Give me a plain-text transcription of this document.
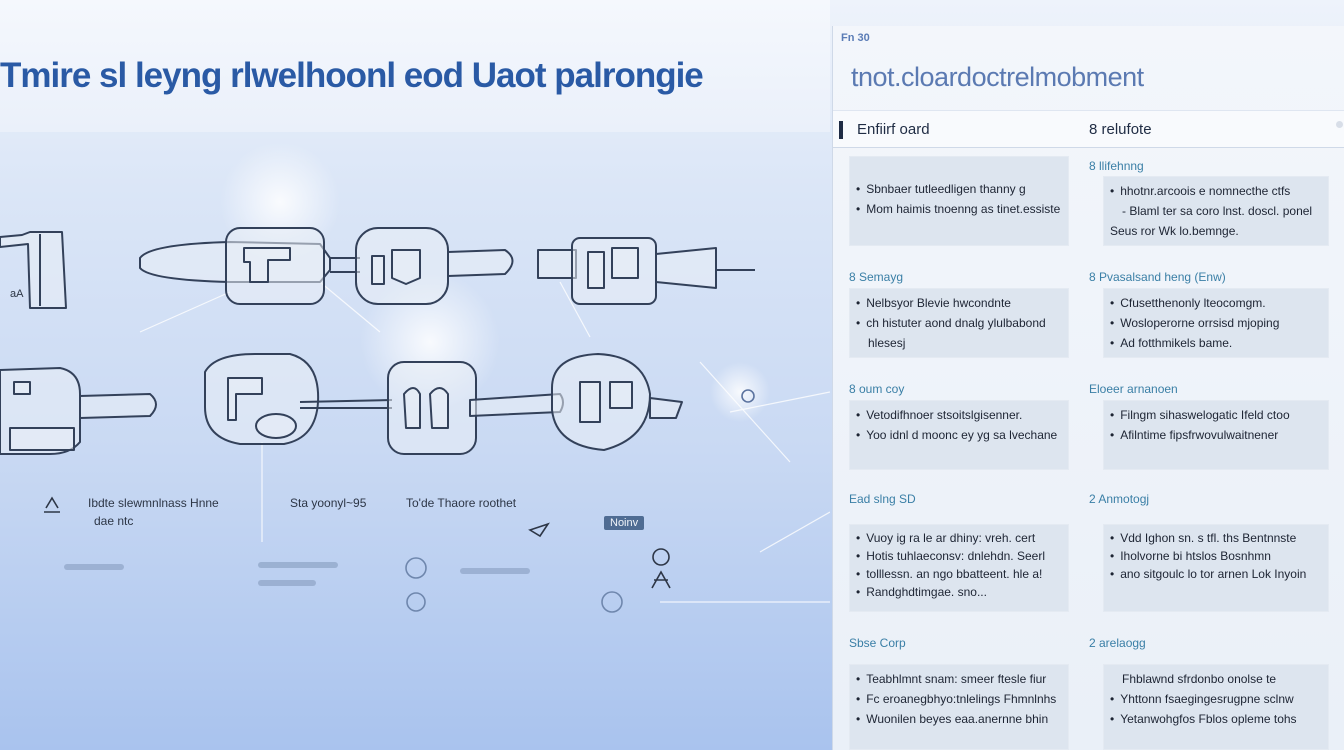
Tmire sl leyng rlwelhoonl eod Uaot palrongie
aA
Ibdte slewmnlnass Hnne
dae ntc
Sta yoonyl~95	To'de Thaore roothet
Noinv
Fn 30
tnot.cloardoctrelmobment
Enfiirf oard	8 relufote
• Sbnbaer tutleedligen thanny g
• Mom haimis tnoenng as tinet.essiste
8 llifehnng
• hhotnr.arcoois e nomnecthe ctfs
- Blaml ter sa coro lnst. doscl. ponel
Seus ror Wk lo.bemnge.
8 Semayg
• Nelbsyor Blevie hwcondnte
• ch histuter aond dnalg ylulbabond
hlesesj
8 Pvasalsand heng (Enw)
• Cfusetthenonly lteocomgm.
• Wosloperorne orrsisd mjoping
• Ad fotthmikels bame.
8 oum coy
• Vetodifhnoer stsoitslgisenner.
• Yoo idnl d moonc ey yg sa lvechane
Eloeer arnanoen
• Filngm sihaswelogatic Ifeld ctoo
• Afilntime fipsfrwovulwaitnener
Ead slng SD
• Vuoy ig ra le ar dhiny: vreh. cert
• Hotis tuhlaeconsv: dnlehdn. Seerl
• tolllessn. an ngo bbatteent. hle a!
• Randghdtimgae. sno...
2 Anmotogj
• Vdd Ighon sn. s tfl. ths Bentnnste
• Iholvorne bi htslos Bosnhmn
• ano sitgoulc lo tor arnen Lok Inyoin
Sbse Corp
• Teabhlmnt snam: smeer ftesle fiur
• Fc eroanegbhyo:tnlelings Fhmnlnhs
• Wuonilen beyes eaa.anernne bhin
2 arelaogg
Fhblawnd sfrdonbo onolse te
• Yhttonn fsaegingesrugpne sclnw
• Yetanwohgfos Fblos opleme tohs
